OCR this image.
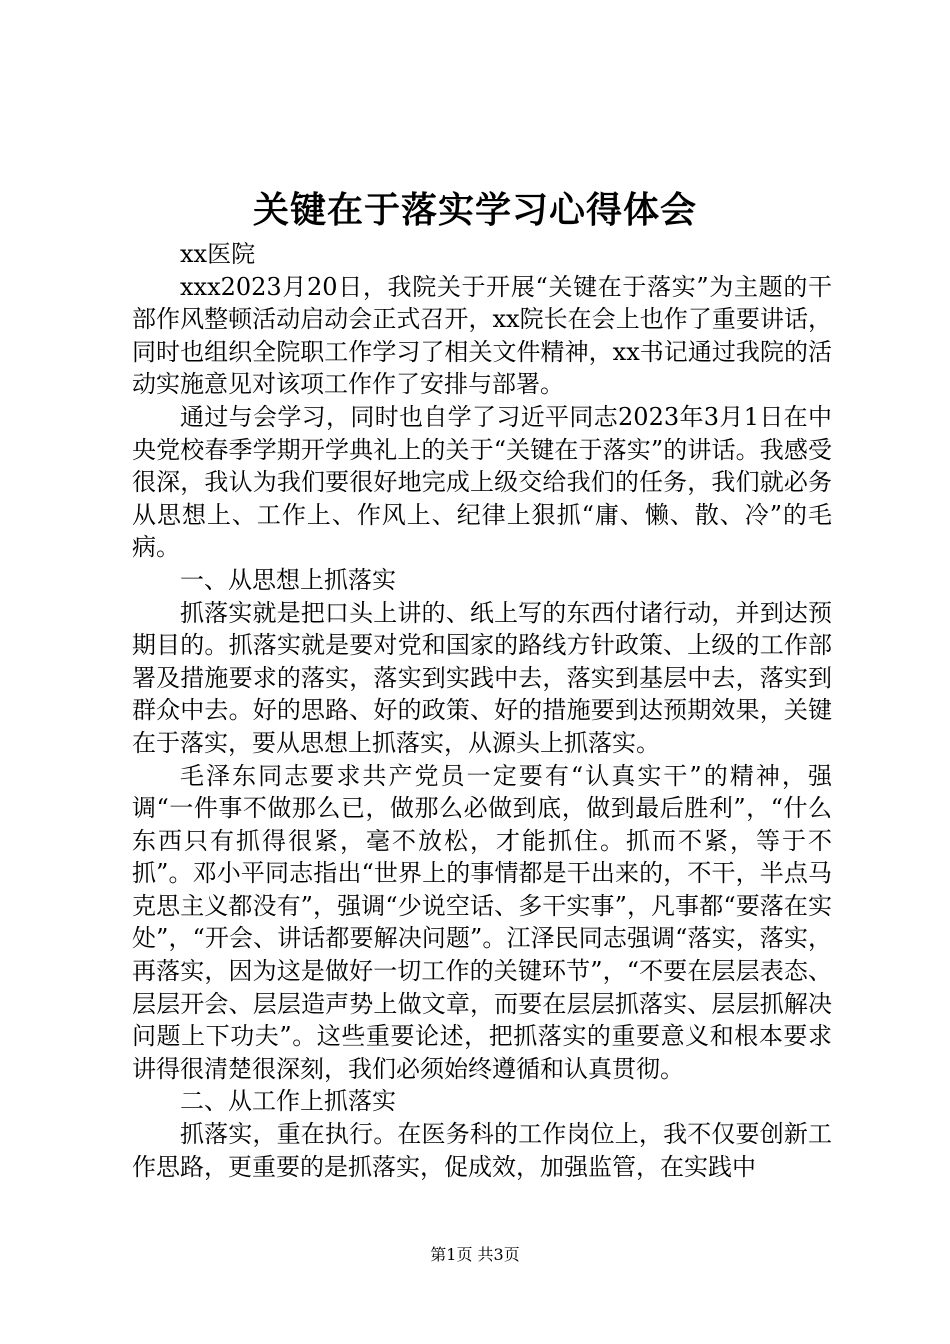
关键在于落实学习心得体会

xx医院

xxx2023月20日，我院关于开展“关键在于落实”为主题的干部作风整顿活动启动会正式召开，xx院长在会上也作了重要讲话，同时也组织全院职工作学习了相关文件精神，xx书记通过我院的活动实施意见对该项工作作了安排与部署。

通过与会学习，同时也自学了习近平同志2023年3月1日在中央党校春季学期开学典礼上的关于“关键在于落实”的讲话。我感受很深，我认为我们要很好地完成上级交给我们的任务，我们就必务从思想上、工作上、作风上、纪律上狠抓“庸、懒、散、冷”的毛病。

一、从思想上抓落实

抓落实就是把口头上讲的、纸上写的东西付诸行动，并到达预期目的。抓落实就是要对党和国家的路线方针政策、上级的工作部署及措施要求的落实，落实到实践中去，落实到基层中去，落实到群众中去。好的思路、好的政策、好的措施要到达预期效果，关键在于落实，要从思想上抓落实，从源头上抓落实。

毛泽东同志要求共产党员一定要有“认真实干”的精神，强调“一件事不做那么已，做那么必做到底，做到最后胜利”，“什么东西只有抓得很紧，毫不放松，才能抓住。抓而不紧，等于不抓”。邓小平同志指出“世界上的事情都是干出来的，不干，半点马克思主义都没有”，强调“少说空话、多干实事”，凡事都“要落在实处”，“开会、讲话都要解决问题”。江泽民同志强调“落实，落实，再落实，因为这是做好一切工作的关键环节”，“不要在层层表态、层层开会、层层造声势上做文章，而要在层层抓落实、层层抓解决问题上下功夫”。这些重要论述，把抓落实的重要意义和根本要求讲得很清楚很深刻，我们必须始终遵循和认真贯彻。

二、从工作上抓落实

抓落实，重在执行。在医务科的工作岗位上，我不仅要创新工作思路，更重要的是抓落实，促成效，加强监管，在实践中

第1页 共3页
